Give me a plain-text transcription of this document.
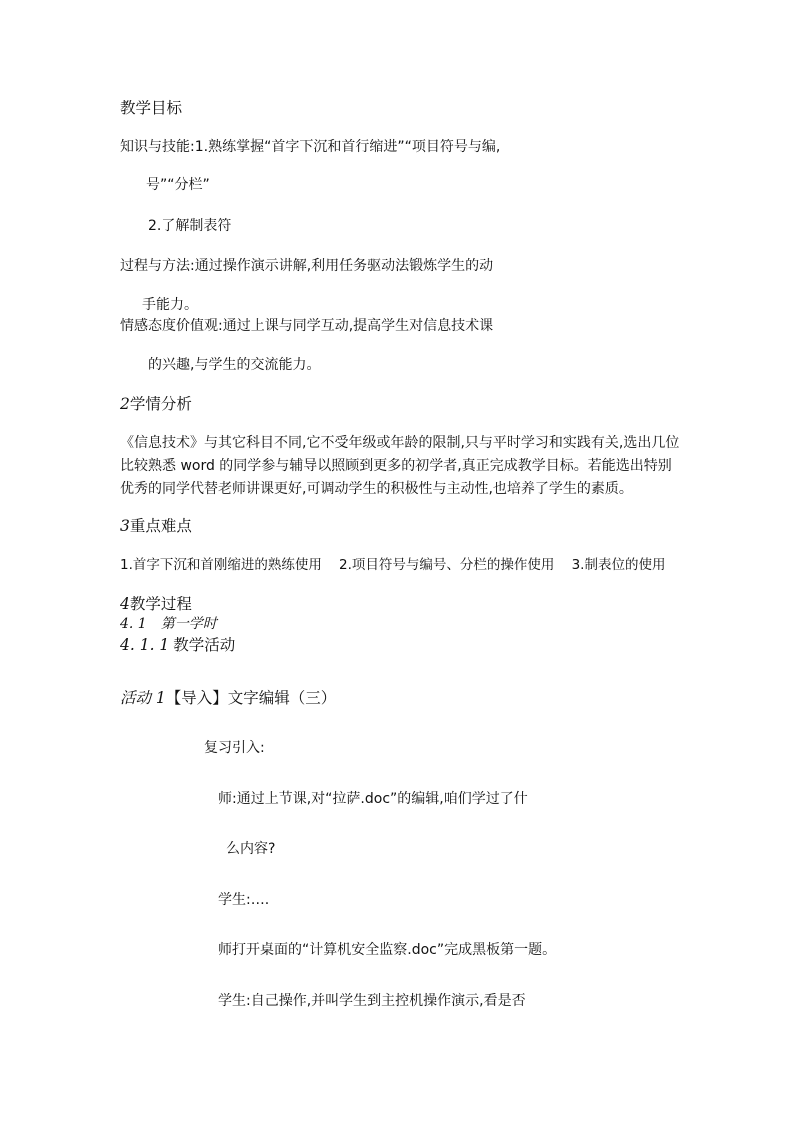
教学目标
知识与技能:1.熟练掌握“首字下沉和首行缩进”“项目符号与编,
号”“分栏”
2.了解制表符
过程与方法:通过操作演示讲解,利用任务驱动法锻炼学生的动
手能力。
情感态度价值观:通过上课与同学互动,提高学生对信息技术课
的兴趣,与学生的交流能力。
2学情分析
《信息技术》与其它科目不同,它不受年级或年龄的限制,只与平时学习和实践有关,选出几位
比较熟悉 word 的同学参与辅导以照顾到更多的初学者,真正完成教学目标。若能选出特别
优秀的同学代替老师讲课更好,可调动学生的积极性与主动性,也培养了学生的素质。
3重点难点
1.首字下沉和首刚缩进的熟练使用    2.项目符号与编号、分栏的操作使用    3.制表位的使用
4教学过程
4. 1 第一学时
4. 1. 1 教学活动
活动 1【导入】文字编辑（三）
复习引入:
师:通过上节课,对“拉萨.doc”的编辑,咱们学过了什
么内容?
学生:….
师打开桌面的“计算机安全监察.doc”完成黑板第一题。
学生:自己操作,并叫学生到主控机操作演示,看是否
